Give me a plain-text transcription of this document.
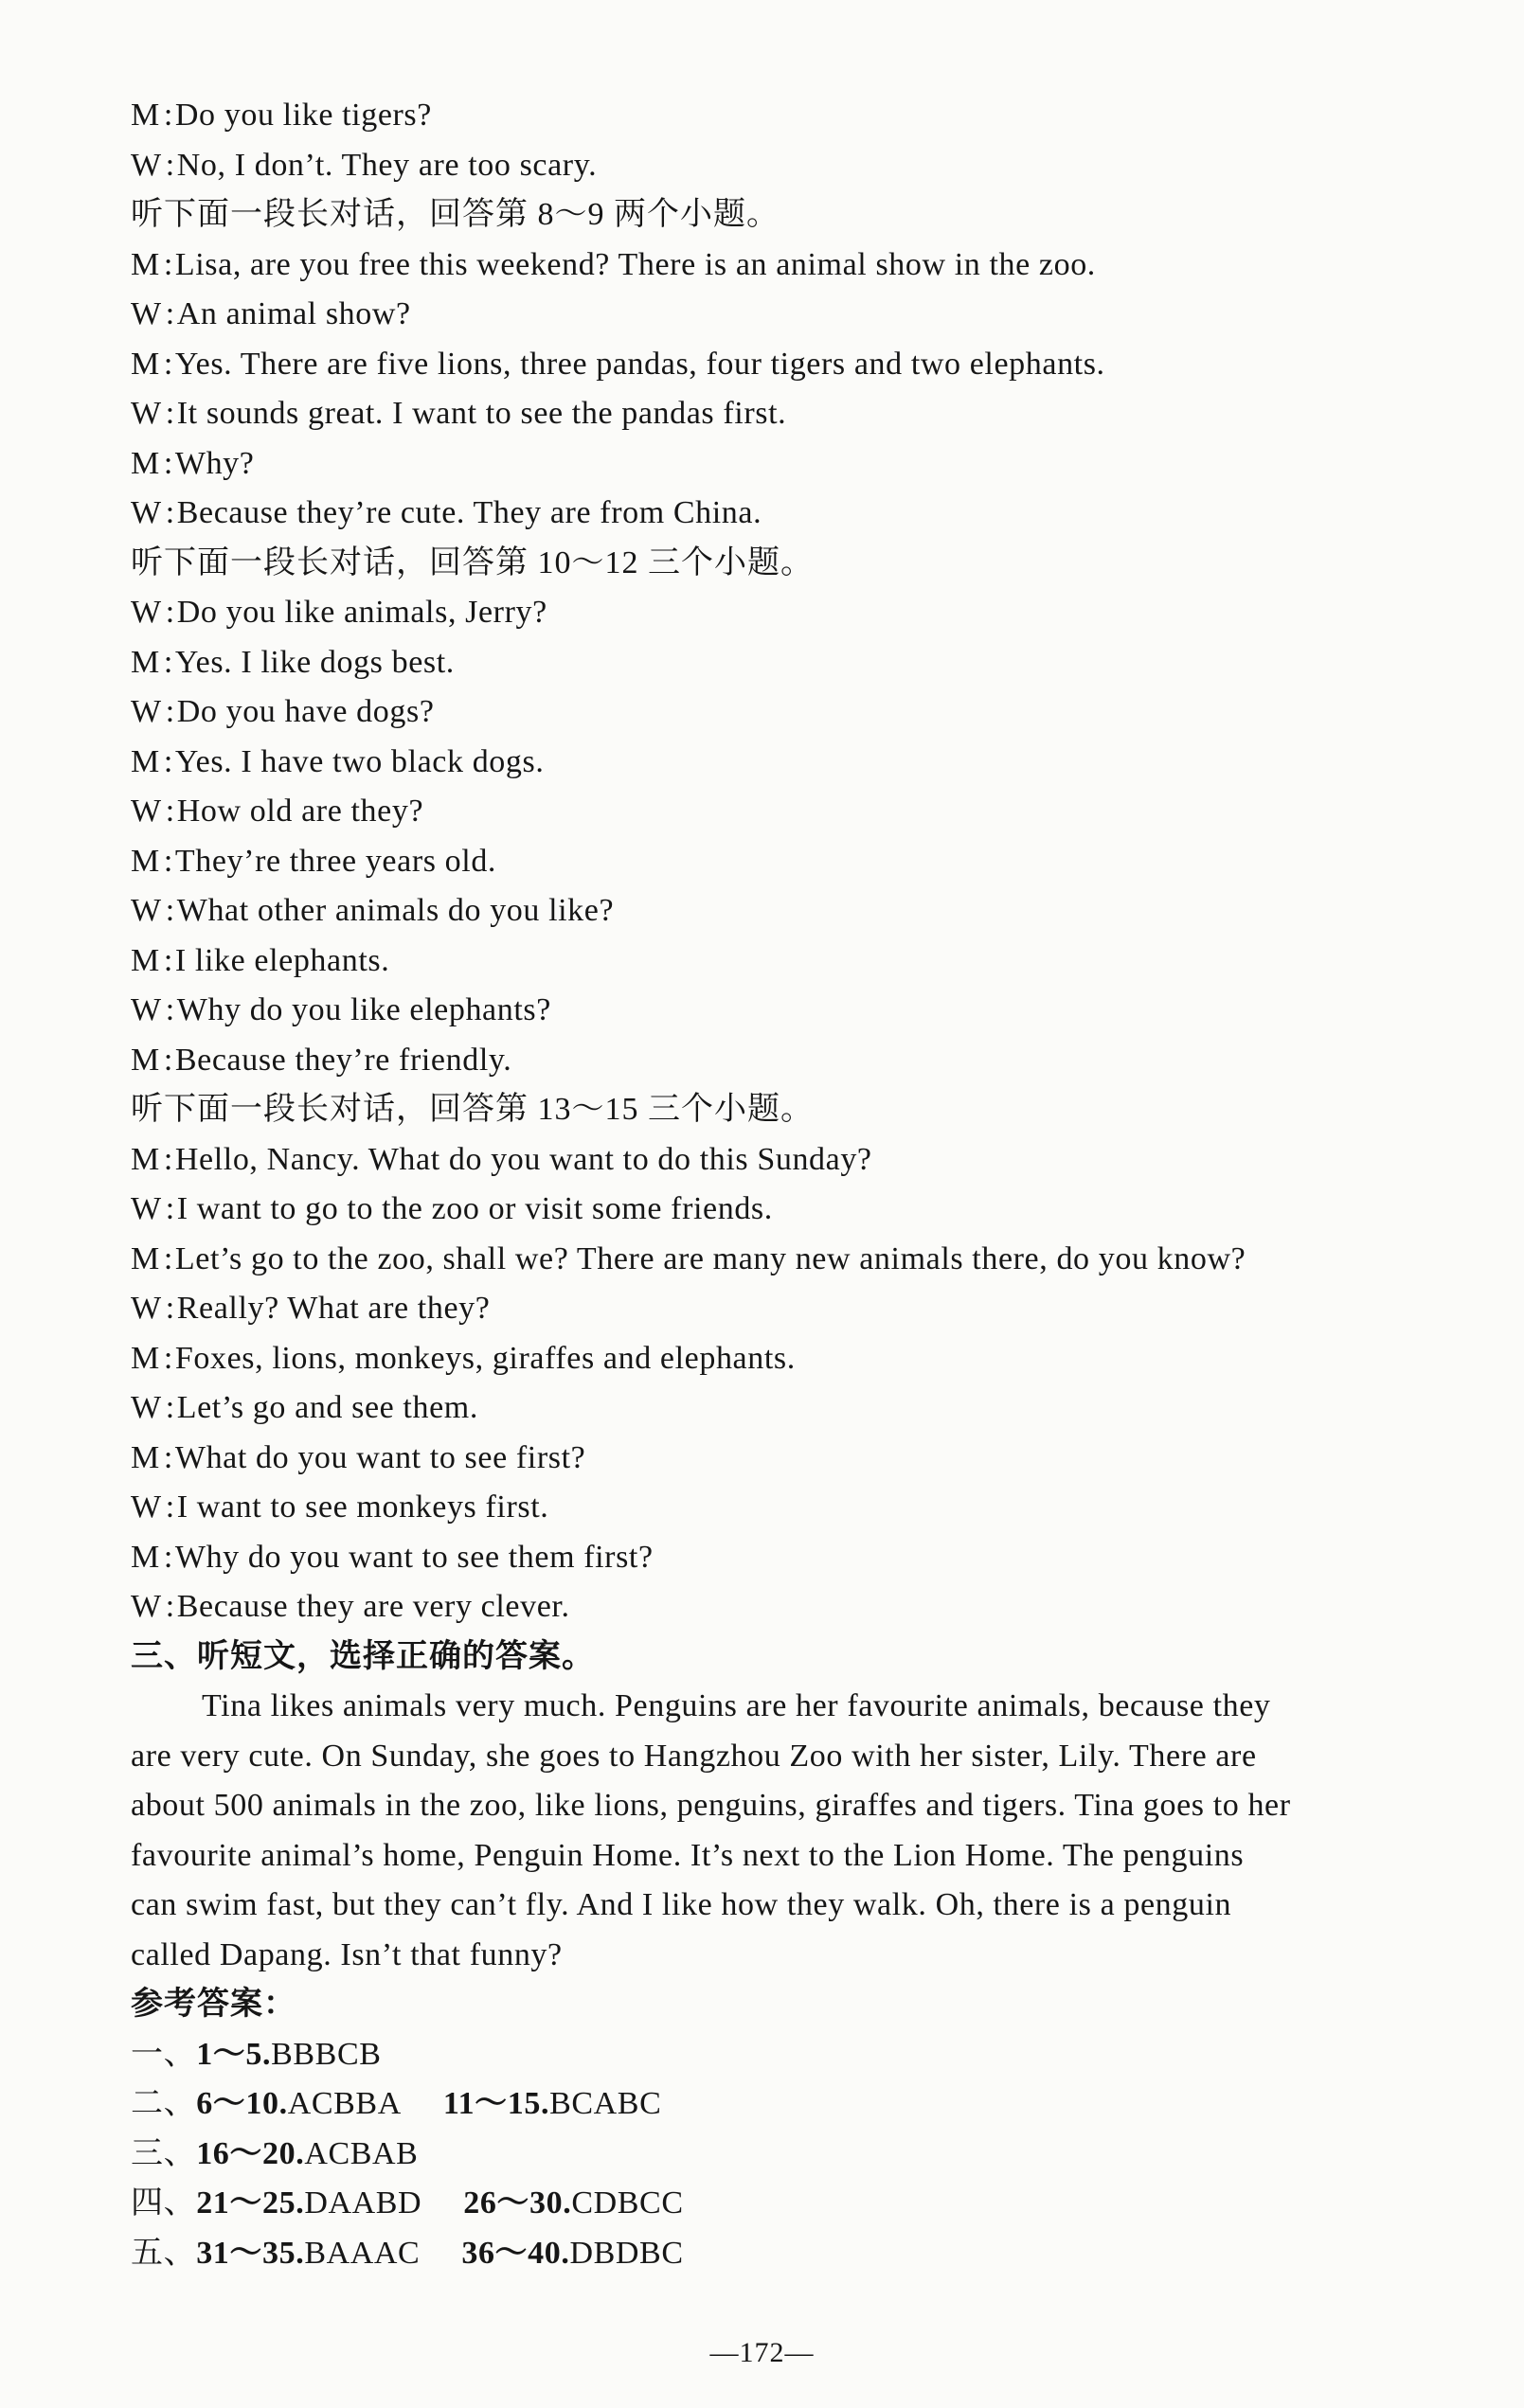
M :Do you like tigers?
W :No, I don’t. They are too scary.
听下面一段长对话，回答第 8～9 两个小题。
M :Lisa, are you free this weekend? There is an animal show in the zoo.
W :An animal show?
M :Yes. There are five lions, three pandas, four tigers and two elephants.
W :It sounds great. I want to see the pandas first.
M :Why?
W :Because they’re cute. They are from China.
听下面一段长对话，回答第 10～12 三个小题。
W :Do you like animals, Jerry?
M :Yes. I like dogs best.
W :Do you have dogs?
M :Yes. I have two black dogs.
W :How old are they?
M :They’re three years old.
W :What other animals do you like?
M :I like elephants.
W :Why do you like elephants?
M :Because they’re friendly.
听下面一段长对话，回答第 13～15 三个小题。
M :Hello, Nancy. What do you want to do this Sunday?
W :I want to go to the zoo or visit some friends.
M :Let’s go to the zoo, shall we? There are many new animals there, do you know?
W :Really? What are they?
M :Foxes, lions, monkeys, giraffes and elephants.
W :Let’s go and see them.
M :What do you want to see first?
W :I want to see monkeys first.
M :Why do you want to see them first?
W :Because they are very clever.
三、听短文，选择正确的答案。
Tina likes animals very much. Penguins are her favourite animals, because they
are very cute. On Sunday, she goes to Hangzhou Zoo with her sister, Lily. There are
about 500 animals in the zoo, like lions, penguins, giraffes and tigers. Tina goes to her
favourite animal’s home, Penguin Home. It’s next to the Lion Home. The penguins
can swim fast, but they can’t fly. And I like how they walk. Oh, there is a penguin
called Dapang. Isn’t that funny?
参考答案：
一、1～5.BBBCB
二、6～10.ACBBA 11～15.BCABC
三、16～20.ACBAB
四、21～25.DAABD 26～30.CDBCC
五、31～35.BAAAC 36～40.DBDBC
—172—
